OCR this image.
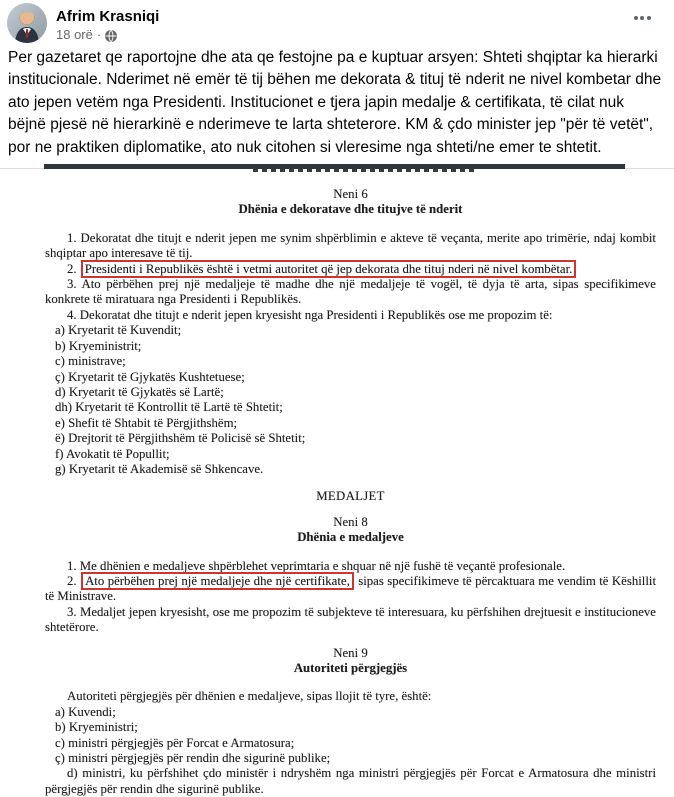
Afrim Krasniqi
18 orë ·
Per gazetaret qe raportojne dhe ata qe festojne pa e kuptuar arsyen: Shteti shqiptar ka hierarki institucionale. Nderimet në emër të tij bëhen me dekorata & tituj të nderit ne nivel kombetar dhe ato jepen vetëm nga Presidenti. Institucionet e tjera japin medalje & certifikata, të cilat nuk bëjnë pjesë në hierarkinë e nderimeve te larta shteterore. KM & çdo minister jep "për të vetët", por ne praktiken diplomatike, ato nuk citohen si vleresime nga shteti/ne emer te shtetit.
Neni 6
Dhënia e dekoratave dhe titujve të nderit

1. Dekoratat dhe titujt e nderit jepen me synim shpërblimin e akteve të veçanta, merite apo trimërie, ndaj kombit shqiptar apo interesave të tij.

2. Presidenti i Republikës është i vetmi autoritet që jep dekorata dhe tituj nderi në nivel kombëtar.

3. Ato përbëhen prej një medaljeje të madhe dhe një medaljeje të vogël, të dyja të arta, sipas specifikimeve konkrete të miratuara nga Presidenti i Republikës.

4. Dekoratat dhe titujt e nderit jepen kryesisht nga Presidenti i Republikës ose me propozim të:

a) Kryetarit të Kuvendit;
b) Kryeministrit;
c) ministrave;
ç) Kryetarit të Gjykatës Kushtetuese;
d) Kryetarit të Gjykatës së Lartë;
dh) Kryetarit të Kontrollit të Lartë të Shtetit;
e) Shefit të Shtabit të Përgjithshëm;
ë) Drejtorit të Përgjithshëm të Policisë së Shtetit;
f) Avokatit të Popullit;
g) Kryetarit të Akademisë së Shkencave.
MEDALJET
Neni 8
Dhënia e medaljeve

1. Me dhënien e medaljeve shpërblehet veprimtaria e shquar në një fushë të veçantë profesionale.

2. Ato përbëhen prej një medaljeje dhe një certifikate, sipas specifikimeve të përcaktuara me vendim të Këshillit të Ministrave.

3. Medaljet jepen kryesisht, ose me propozim të subjekteve të interesuara, ku përfshihen drejtuesit e institucioneve shtetërore.

Neni 9
Autoriteti përgjegjës

Autoriteti përgjegjës për dhënien e medaljeve, sipas llojit të tyre, është:

a) Kuvendi;
b) Kryeministri;
c) ministri përgjegjës për Forcat e Armatosura;
ç) ministri përgjegjës për rendin dhe sigurinë publike;

d) ministri, ku përfshihet çdo ministër i ndryshëm nga ministri përgjegjës për Forcat e Armatosura dhe ministri përgjegjës për rendin dhe sigurinë publike.
